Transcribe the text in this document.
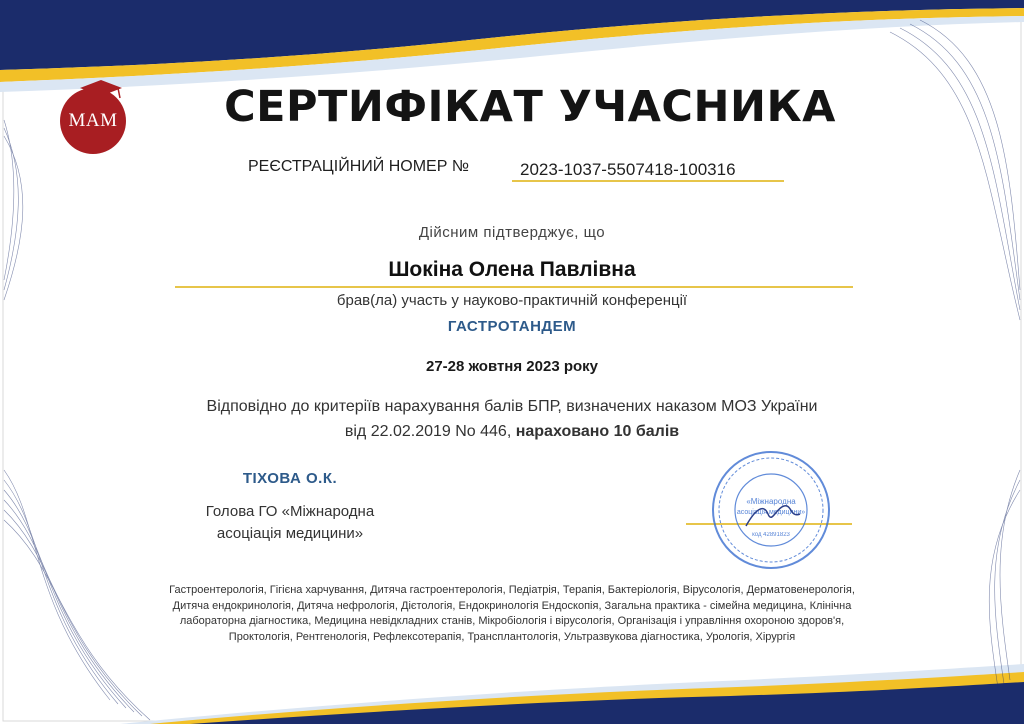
МАМ	СЕРТИФІКАТ УЧАСНИКА
РЕЄСТРАЦІЙНИЙ НОМЕР №	2023-1037-5507418-100316
Дійсним підтверджує, що
Шокіна Олена Павлівна
брав(ла) участь у науково-практичній конференції
ГАСТРОТАНДЕМ
27-28 жовтня 2023 року
Відповідно до критеріїв нарахування балів БПР, визначених наказом МОЗ України
від 22.02.2019 No 446, нараховано 10 балів
ТІХОВА О.К.
Голова ГО «Міжнародна
асоціація медицини»
«Міжнародна
асоціація медицини»
код 42891823
Гастроентерологія, Гігієна харчування, Дитяча гастроентерологія, Педіатрія, Терапія, Бактеріологія, Вірусологія, Дерматовенерологія,
Дитяча ендокринологія, Дитяча нефрологія, Дієтологія, Ендокринологія Ендоскопія, Загальна практика - сімейна медицина, Клінічна
лабораторна діагностика, Медицина невідкладних станів, Мікробіологія і вірусологія, Організація і управління охороною здоров'я,
Проктологія, Рентгенологія, Рефлексотерапія, Трансплантологія, Ультразвукова діагностика, Урологія, Хірургія
